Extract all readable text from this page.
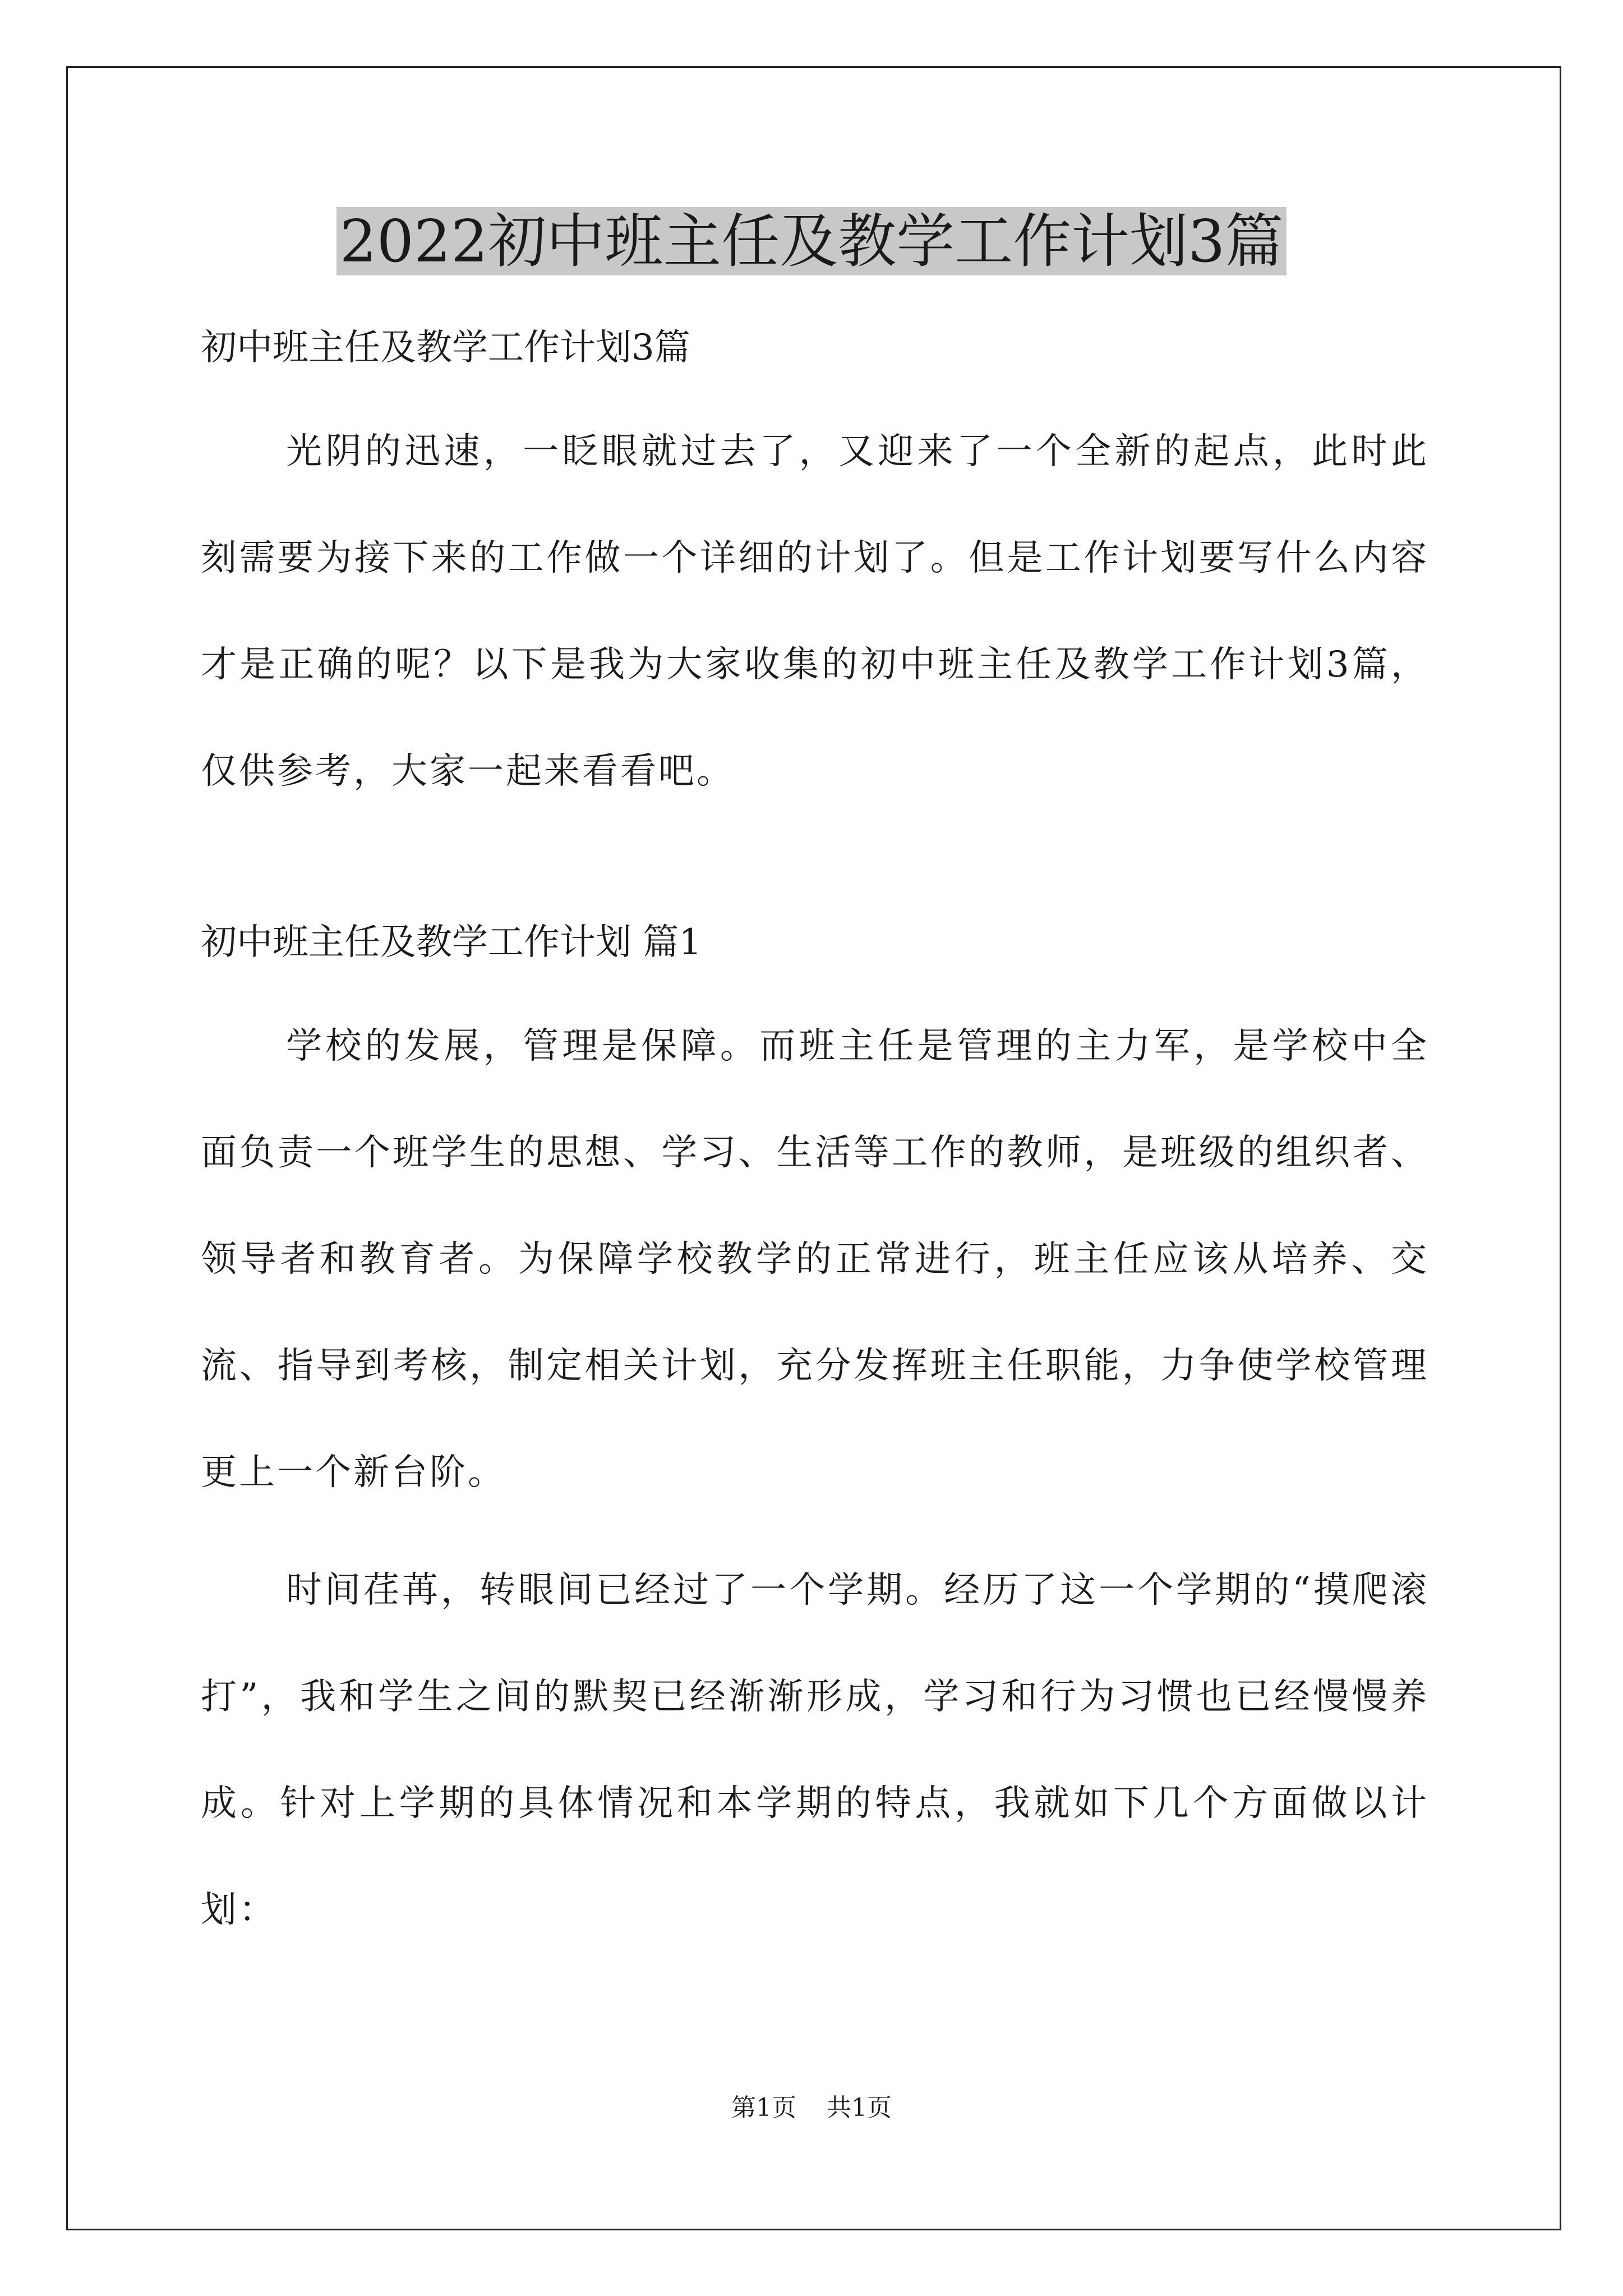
2022初中班主任及教学工作计划3篇

初中班主任及教学工作计划3篇

光阴的迅速，一眨眼就过去了，又迎来了一个全新的起点，此时此刻需要为接下来的工作做一个详细的计划了。但是工作计划要写什么内容才是正确的呢？以下是我为大家收集的初中班主任及教学工作计划3篇，仅供参考，大家一起来看看吧。

初中班主任及教学工作计划 篇1

学校的发展，管理是保障。而班主任是管理的主力军，是学校中全面负责一个班学生的思想、学习、生活等工作的教师，是班级的组织者、领导者和教育者。为保障学校教学的正常进行，班主任应该从培养、交流、指导到考核，制定相关计划，充分发挥班主任职能，力争使学校管理更上一个新台阶。

时间荏苒，转眼间已经过了一个学期。经历了这一个学期的“摸爬滚打”，我和学生之间的默契已经渐渐形成，学习和行为习惯也已经慢慢养成。针对上学期的具体情况和本学期的特点，我就如下几个方面做以计划：

第1页 共1页
